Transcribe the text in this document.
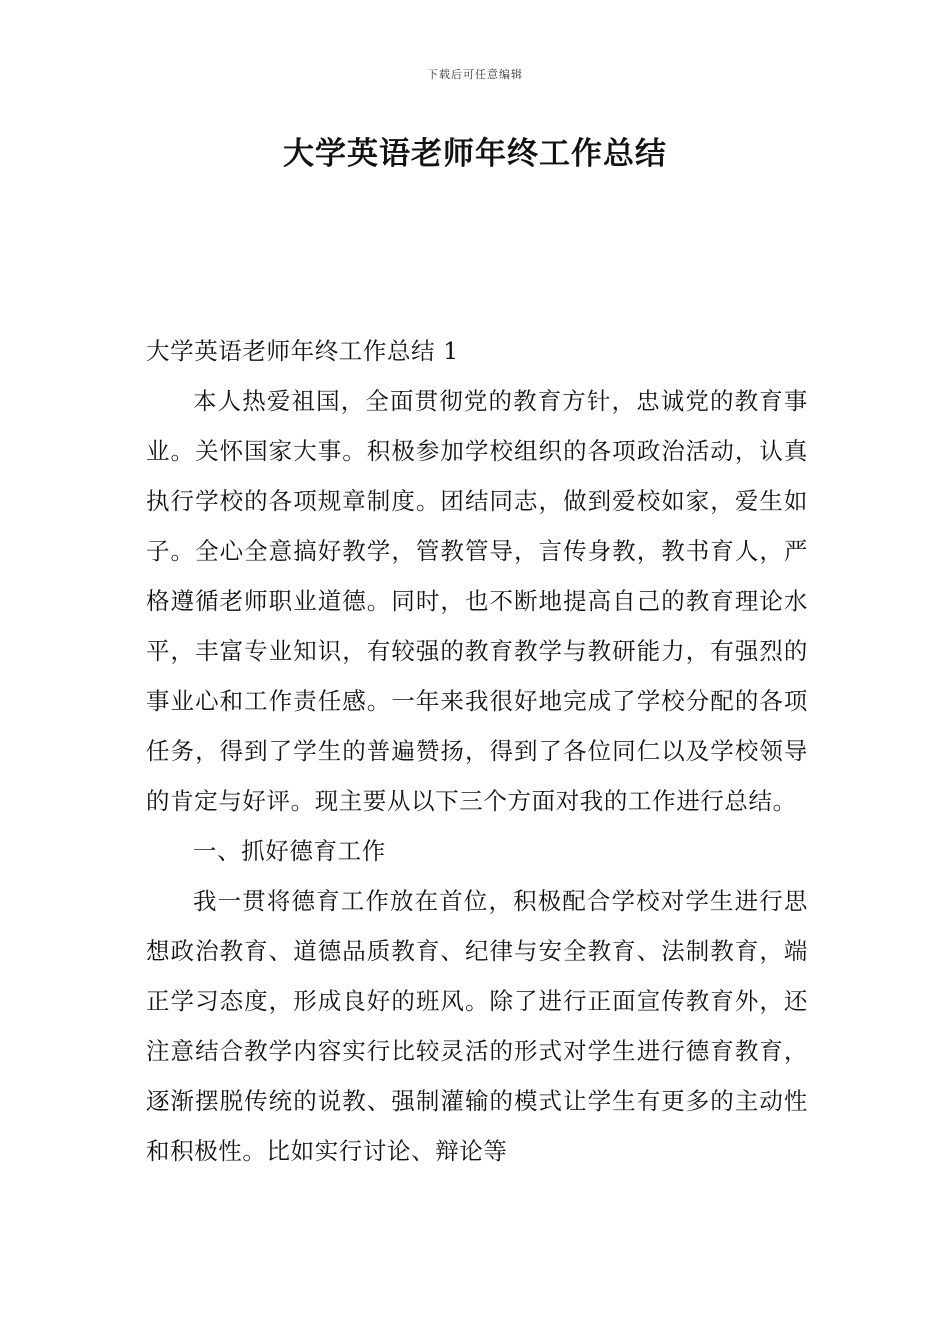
下载后可任意编辑
大学英语老师年终工作总结

大学英语老师年终工作总结 1

本人热爱祖国，全面贯彻党的教育方针，忠诚党的教育事业。关怀国家大事。积极参加学校组织的各项政治活动，认真执行学校的各项规章制度。团结同志，做到爱校如家，爱生如子。全心全意搞好教学，管教管导，言传身教，教书育人，严格遵循老师职业道德。同时，也不断地提高自己的教育理论水平，丰富专业知识，有较强的教育教学与教研能力，有强烈的事业心和工作责任感。一年来我很好地完成了学校分配的各项任务，得到了学生的普遍赞扬，得到了各位同仁以及学校领导的肯定与好评。现主要从以下三个方面对我的工作进行总结。

一、抓好德育工作

我一贯将德育工作放在首位，积极配合学校对学生进行思想政治教育、道德品质教育、纪律与安全教育、法制教育，端正学习态度，形成良好的班风。除了进行正面宣传教育外，还注意结合教学内容实行比较灵活的形式对学生进行德育教育，逐渐摆脱传统的说教、强制灌输的模式让学生有更多的主动性和积极性。比如实行讨论、辩论等
